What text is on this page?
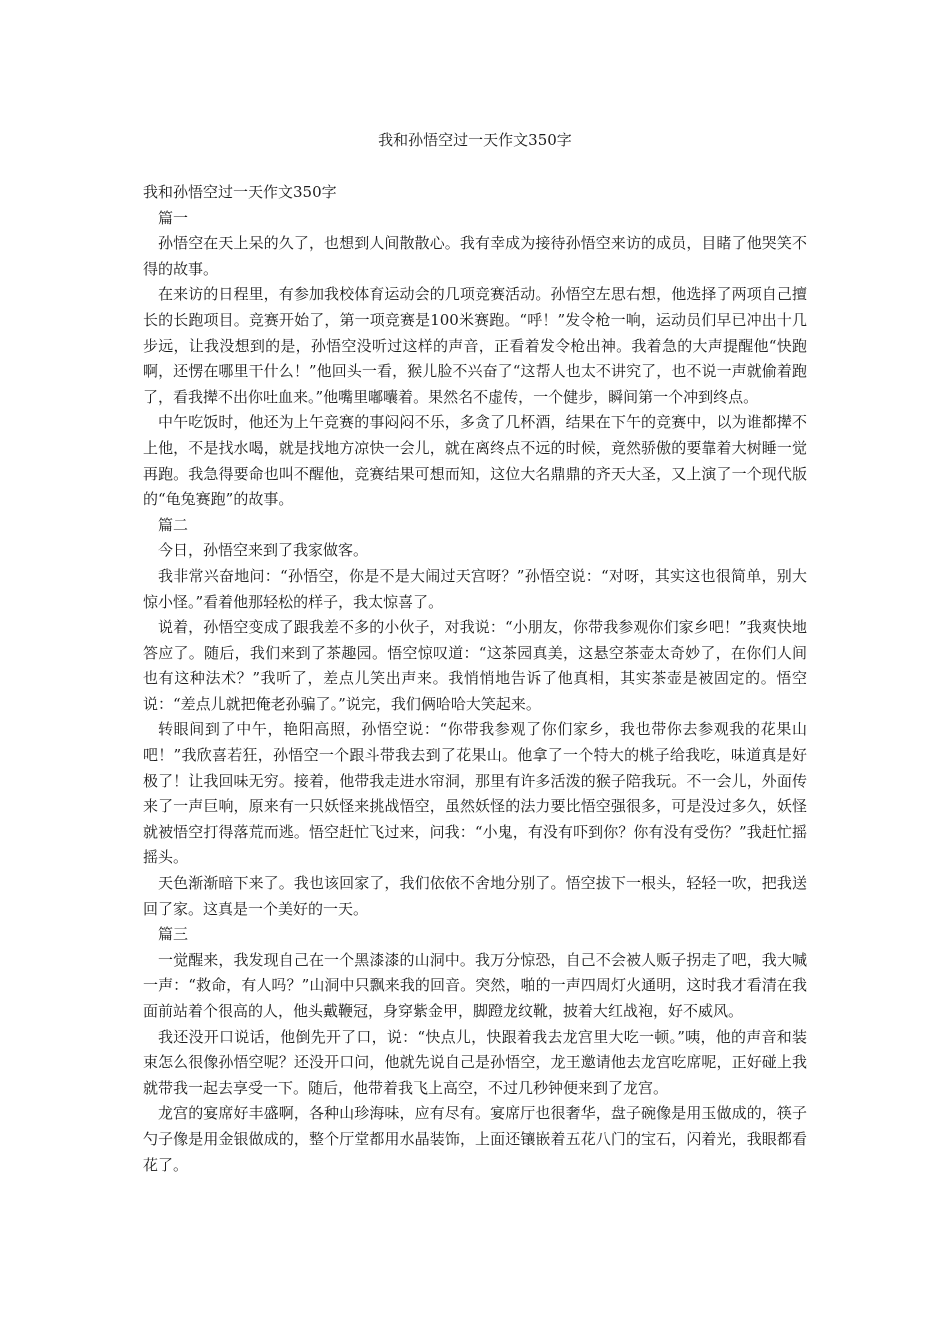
我和孙悟空过一天作文350字

我和孙悟空过一天作文350字

篇一

孙悟空在天上呆的久了，也想到人间散散心。我有幸成为接待孙悟空来访的成员，目睹了他哭笑不得的故事。

在来访的日程里，有参加我校体育运动会的几项竞赛活动。孙悟空左思右想，他选择了两项自己擅长的长跑项目。竞赛开始了，第一项竞赛是100米赛跑。“呼！”发令枪一响，运动员们早已冲出十几步远，让我没想到的是，孙悟空没听过这样的声音，正看着发令枪出神。我着急的大声提醒他“快跑啊，还愣在哪里干什么！”他回头一看，猴儿脸不兴奋了“这帮人也太不讲究了，也不说一声就偷着跑了，看我撵不出你吐血来。”他嘴里嘟囔着。果然名不虚传，一个健步，瞬间第一个冲到终点。

中午吃饭时，他还为上午竞赛的事闷闷不乐，多贪了几杯酒，结果在下午的竞赛中，以为谁都撵不上他，不是找水喝，就是找地方凉快一会儿，就在离终点不远的时候，竟然骄傲的要靠着大树睡一觉再跑。我急得要命也叫不醒他，竞赛结果可想而知，这位大名鼎鼎的齐天大圣，又上演了一个现代版的“龟兔赛跑”的故事。

篇二

今日，孙悟空来到了我家做客。

我非常兴奋地问：“孙悟空，你是不是大闹过天宫呀？”孙悟空说：“对呀，其实这也很简单，别大惊小怪。”看着他那轻松的样子，我太惊喜了。

说着，孙悟空变成了跟我差不多的小伙子，对我说：“小朋友，你带我参观你们家乡吧！”我爽快地答应了。随后，我们来到了茶趣园。悟空惊叹道：“这茶园真美，这悬空茶壶太奇妙了，在你们人间也有这种法术？”我听了，差点儿笑出声来。我悄悄地告诉了他真相，其实茶壶是被固定的。悟空说：“差点儿就把俺老孙骗了。”说完，我们俩哈哈大笑起来。

转眼间到了中午，艳阳高照，孙悟空说：“你带我参观了你们家乡，我也带你去参观我的花果山吧！”我欣喜若狂，孙悟空一个跟斗带我去到了花果山。他拿了一个特大的桃子给我吃，味道真是好极了！让我回味无穷。接着，他带我走进水帘洞，那里有许多活泼的猴子陪我玩。不一会儿，外面传来了一声巨响，原来有一只妖怪来挑战悟空，虽然妖怪的法力要比悟空强很多，可是没过多久，妖怪就被悟空打得落荒而逃。悟空赶忙飞过来，问我：“小鬼，有没有吓到你？你有没有受伤？”我赶忙摇摇头。

天色渐渐暗下来了。我也该回家了，我们依依不舍地分别了。悟空拔下一根头，轻轻一吹，把我送回了家。这真是一个美好的一天。

篇三

一觉醒来，我发现自己在一个黑漆漆的山洞中。我万分惊恐，自己不会被人贩子拐走了吧，我大喊一声：“救命，有人吗？”山洞中只飘来我的回音。突然，啪的一声四周灯火通明，这时我才看清在我面前站着个很高的人，他头戴鞭冠，身穿紫金甲，脚蹬龙纹靴，披着大红战袍，好不威风。

我还没开口说话，他倒先开了口，说：“快点儿，快跟着我去龙宫里大吃一顿。”咦，他的声音和装束怎么很像孙悟空呢？还没开口问，他就先说自己是孙悟空，龙王邀请他去龙宫吃席呢，正好碰上我就带我一起去享受一下。随后，他带着我飞上高空，不过几秒钟便来到了龙宫。

龙宫的宴席好丰盛啊，各种山珍海味，应有尽有。宴席厅也很奢华，盘子碗像是用玉做成的，筷子勺子像是用金银做成的，整个厅堂都用水晶装饰，上面还镶嵌着五花八门的宝石，闪着光，我眼都看花了。
